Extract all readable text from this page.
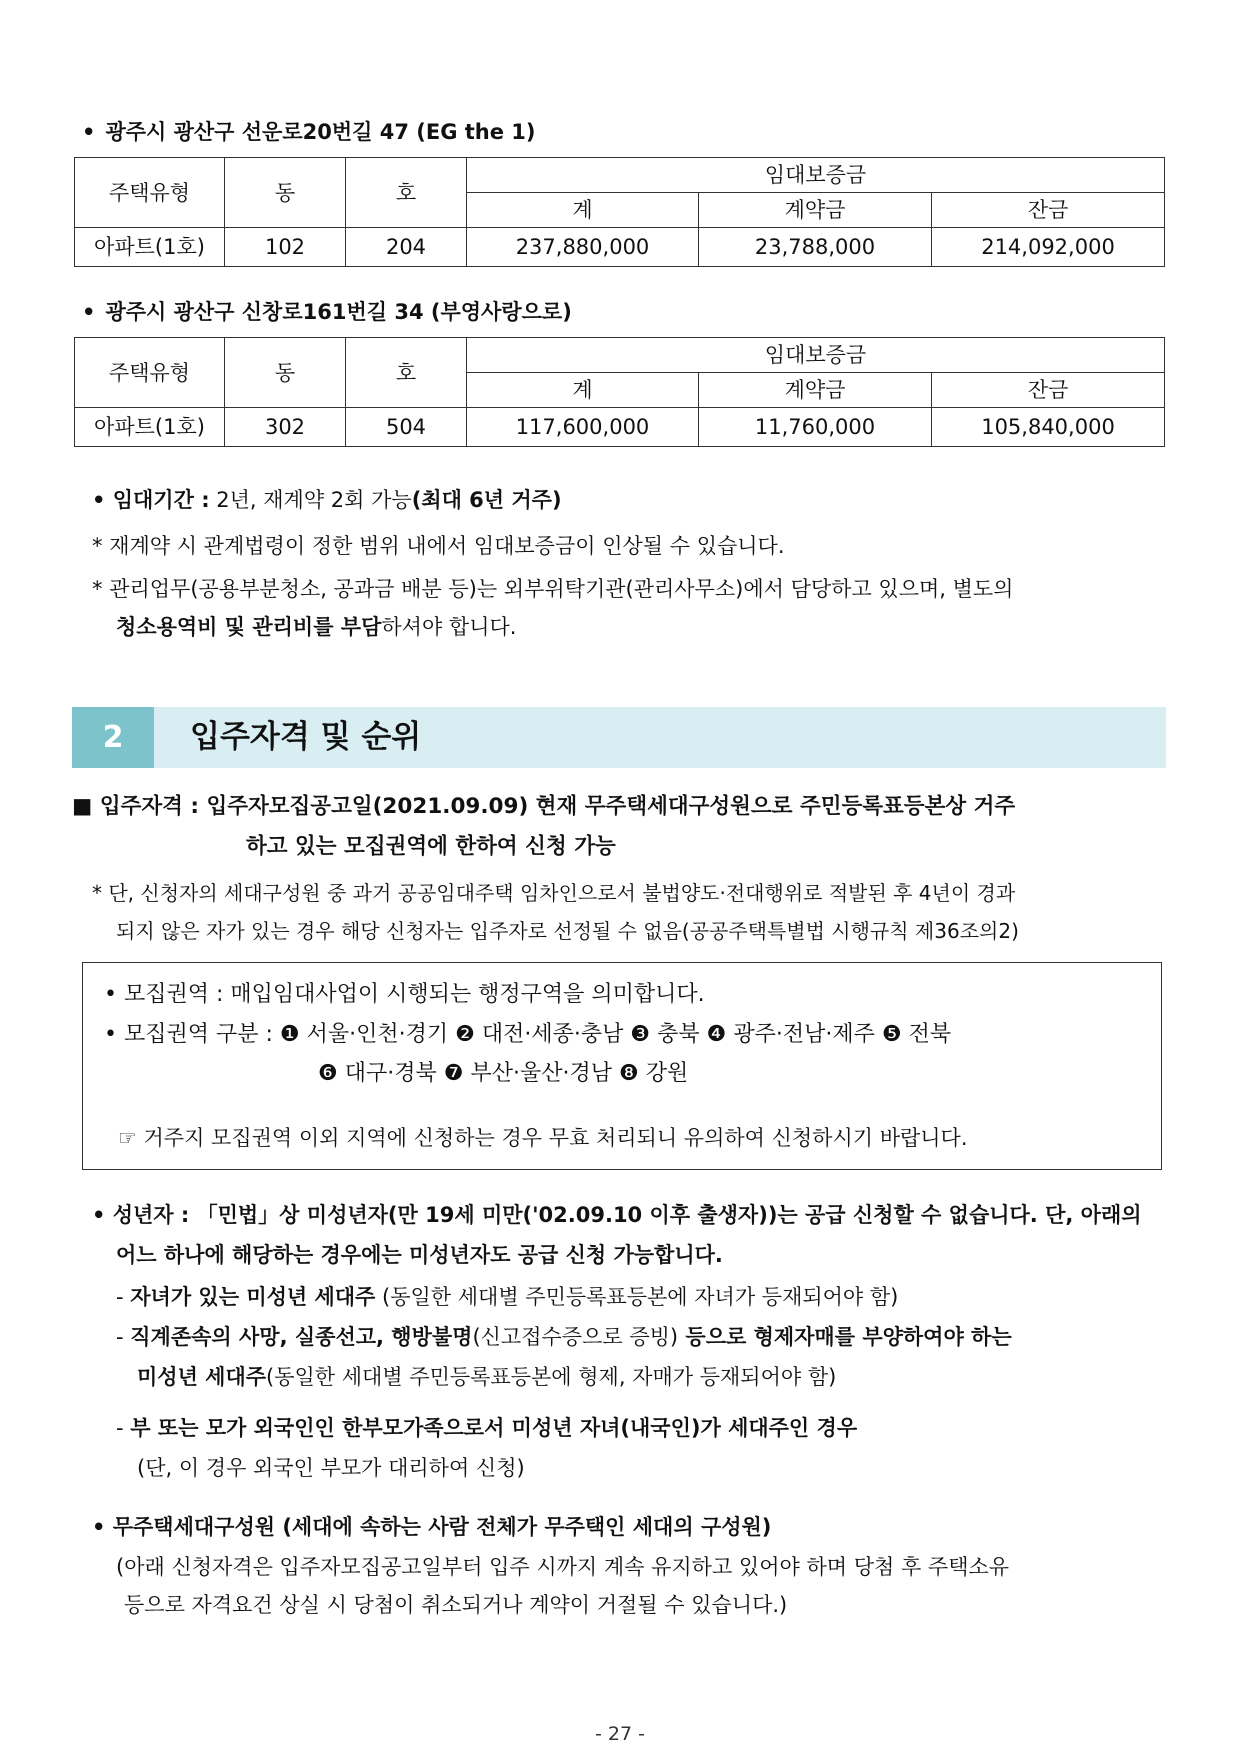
• 광주시 광산구 선운로20번길 47 (EG the 1)
주택유형	동	호	임대보증금		
			계	계약금	잔금
아파트(1호)	102	204	237,880,000	23,788,000	214,092,000
• 광주시 광산구 신창로161번길 34 (부영사랑으로)
주택유형	동	호	임대보증금		
			계	계약금	잔금
아파트(1호)	302	504	117,600,000	11,760,000	105,840,000
• 임대기간 : 2년, 재계약 2회 가능(최대 6년 거주)
* 재계약 시 관계법령이 정한 범위 내에서 임대보증금이 인상될 수 있습니다.
* 관리업무(공용부분청소, 공과금 배분 등)는 외부위탁기관(관리사무소)에서 담당하고 있으며, 별도의
청소용역비 및 관리비를 부담하셔야 합니다.
2	입주자격 및 순위
■ 입주자격 : 입주자모집공고일(2021.09.09) 현재 무주택세대구성원으로 주민등록표등본상 거주
하고 있는 모집권역에 한하여 신청 가능
* 단, 신청자의 세대구성원 중 과거 공공임대주택 임차인으로서 불법양도·전대행위로 적발된 후 4년이 경과
되지 않은 자가 있는 경우 해당 신청자는 입주자로 선정될 수 없음(공공주택특별법 시행규칙 제36조의2)
• 모집권역 : 매입임대사업이 시행되는 행정구역을 의미합니다.
• 모집권역 구분 : ❶ 서울·인천·경기 ❷ 대전·세종·충남 ❸ 충북 ❹ 광주·전남·제주 ❺ 전북
❻ 대구·경북 ❼ 부산·울산·경남 ❽ 강원
☞ 거주지 모집권역 이외 지역에 신청하는 경우 무효 처리되니 유의하여 신청하시기 바랍니다.
• 성년자 : 「민법」상 미성년자(만 19세 미만('02.09.10 이후 출생자))는 공급 신청할 수 없습니다. 단, 아래의
어느 하나에 해당하는 경우에는 미성년자도 공급 신청 가능합니다.
- 자녀가 있는 미성년 세대주 (동일한 세대별 주민등록표등본에 자녀가 등재되어야 함)
- 직계존속의 사망, 실종선고, 행방불명(신고접수증으로 증빙) 등으로 형제자매를 부양하여야 하는
미성년 세대주(동일한 세대별 주민등록표등본에 형제, 자매가 등재되어야 함)
- 부 또는 모가 외국인인 한부모가족으로서 미성년 자녀(내국인)가 세대주인 경우
(단, 이 경우 외국인 부모가 대리하여 신청)
• 무주택세대구성원 (세대에 속하는 사람 전체가 무주택인 세대의 구성원)
(아래 신청자격은 입주자모집공고일부터 입주 시까지 계속 유지하고 있어야 하며 당첨 후 주택소유
등으로 자격요건 상실 시 당첨이 취소되거나 계약이 거절될 수 있습니다.)
- 27 -
